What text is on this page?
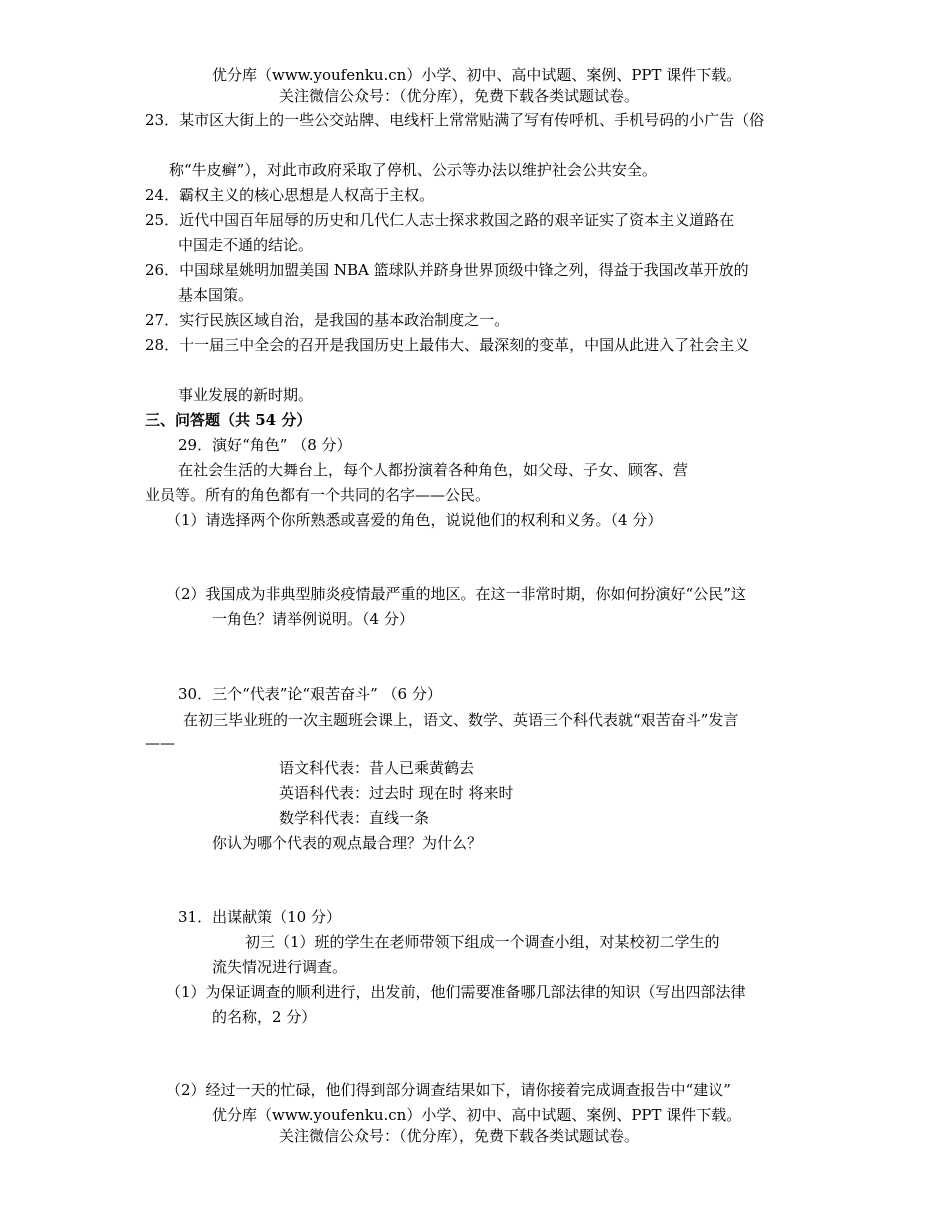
优分库（www.youfenku.cn）小学、初中、高中试题、案例、PPT 课件下载。
关注微信公众号：（优分库），免费下载各类试题试卷。
23．某市区大街上的一些公交站牌、电线杆上常常贴满了写有传呼机、手机号码的小广告（俗
称“牛皮癣”），对此市政府采取了停机、公示等办法以维护社会公共安全。
24．霸权主义的核心思想是人权高于主权。
25．近代中国百年屈辱的历史和几代仁人志士探求救国之路的艰辛证实了资本主义道路在
中国走不通的结论。
26．中国球星姚明加盟美国 NBA 篮球队并跻身世界顶级中锋之列，得益于我国改革开放的
基本国策。
27．实行民族区域自治，是我国的基本政治制度之一。
28．十一届三中全会的召开是我国历史上最伟大、最深刻的变革，中国从此进入了社会主义
事业发展的新时期。
三、问答题（共 54 分）
29．演好“角色” （8 分）
在社会生活的大舞台上，每个人都扮演着各种角色，如父母、子女、顾客、营
业员等。所有的角色都有一个共同的名字——公民。
（1）请选择两个你所熟悉或喜爱的角色，说说他们的权利和义务。（4 分）
（2）我国成为非典型肺炎疫情最严重的地区。在这一非常时期，你如何扮演好“公民”这
一角色？请举例说明。（4 分）
30．三个“代表”论“艰苦奋斗” （6 分）
在初三毕业班的一次主题班会课上，语文、数学、英语三个科代表就“艰苦奋斗”发言
——
语文科代表：昔人已乘黄鹤去
英语科代表：过去时 现在时 将来时
数学科代表：直线一条
你认为哪个代表的观点最合理？为什么？
31．出谋献策（10 分）
初三（1）班的学生在老师带领下组成一个调查小组，对某校初二学生的
流失情况进行调查。
（1）为保证调查的顺利进行，出发前，他们需要准备哪几部法律的知识（写出四部法律
的名称，2 分）
（2）经过一天的忙碌，他们得到部分调查结果如下，请你接着完成调查报告中“建议”
优分库（www.youfenku.cn）小学、初中、高中试题、案例、PPT 课件下载。
关注微信公众号：（优分库），免费下载各类试题试卷。
